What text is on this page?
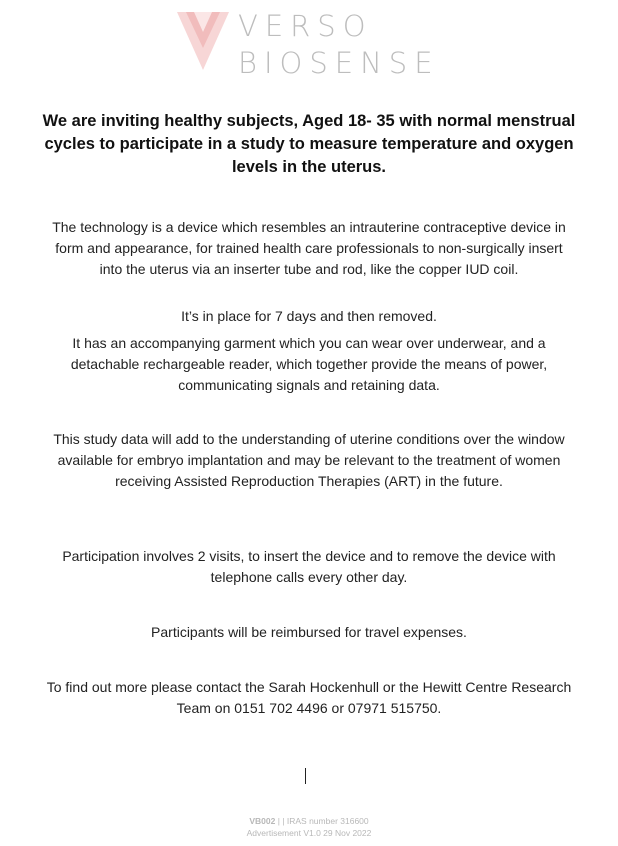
VERSO
BIOSENSE

We are inviting healthy subjects, Aged 18- 35 with normal menstrual cycles to participate in a study to measure temperature and oxygen levels in the uterus.

The technology is a device which resembles an intrauterine contraceptive device in form and appearance, for trained health care professionals to non-surgically insert into the uterus via an inserter tube and rod, like the copper IUD coil.

It’s in place for 7 days and then removed.

It has an accompanying garment which you can wear over underwear, and a detachable rechargeable reader, which together provide the means of power, communicating signals and retaining data.

This study data will add to the understanding of uterine conditions over the window available for embryo implantation and may be relevant to the treatment of women receiving Assisted Reproduction Therapies (ART) in the future.

Participation involves 2 visits, to insert the device and to remove the device with telephone calls every other day.

Participants will be reimbursed for travel expenses.

To find out more please contact the Sarah Hockenhull or the Hewitt Centre Research Team on 0151 702 4496 or 07971 515750.

VB002 | | IRAS number 316600
Advertisement V1.0 29 Nov 2022
